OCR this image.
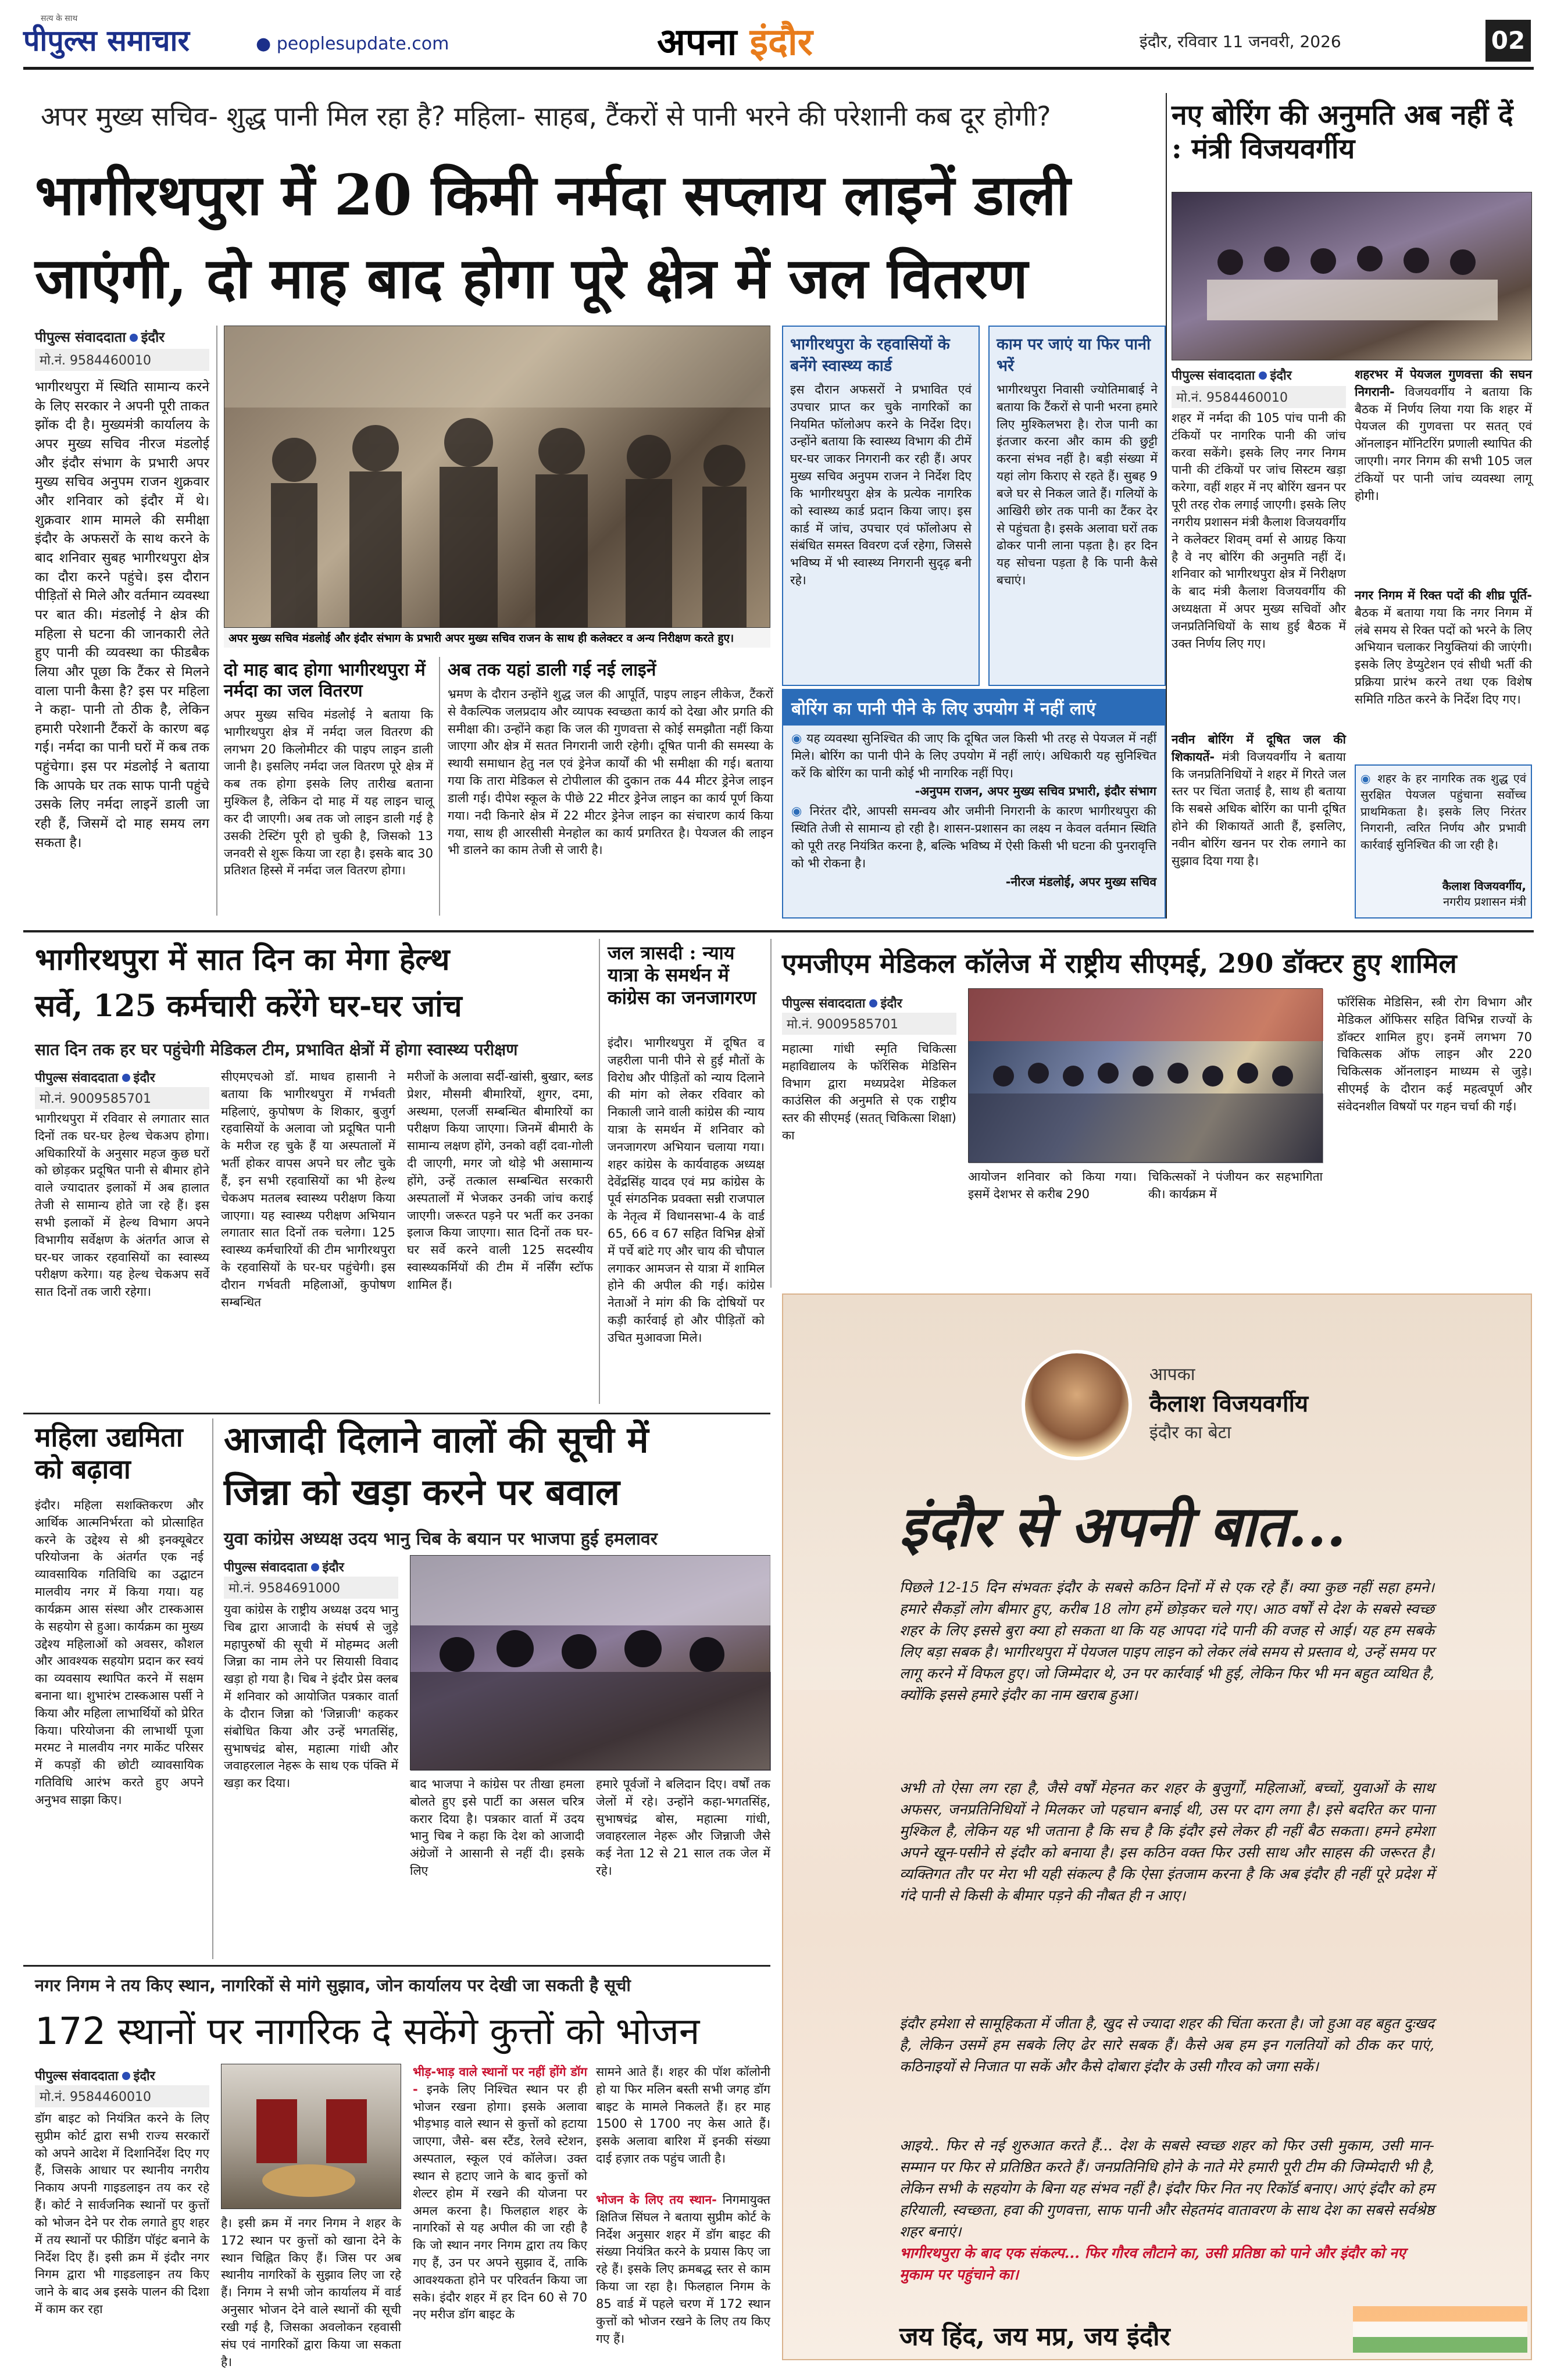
पीपुल्स समाचार
सत्य के साथ
● peoplesupdate.com	अपना इंदौर	इंदौर, रविवार 11 जनवरी, 2026	02
अपर मुख्य सचिव- शुद्ध पानी मिल रहा है? महिला- साहब, टैंकरों से पानी भरने की परेशानी कब दूर होगी?
भागीरथपुरा में 20 किमी नर्मदा सप्लाय लाइनें डाली
जाएंगी, दो माह बाद होगा पूरे क्षेत्र में जल वितरण
पीपुल्स संवाददाता इंदौर
मो.नं. 9584460010
भागीरथपुरा में स्थिति सामान्य करने के लिए सरकार ने अपनी पूरी ताकत झोंक दी है। मुख्यमंत्री कार्यालय के अपर मुख्य सचिव नीरज मंडलोई और इंदौर संभाग के प्रभारी अपर मुख्य सचिव अनुपम राजन शुक्रवार और शनिवार को इंदौर में थे। शुक्रवार शाम मामले की समीक्षा इंदौर के अफसरों के साथ करने के बाद शनिवार सुबह भागीरथपुरा क्षेत्र का दौरा करने पहुंचे। इस दौरान पीड़ितों से मिले और वर्तमान व्यवस्था पर बात की। मंडलोई ने क्षेत्र की महिला से घटना की जानकारी लेते हुए पानी की व्यवस्था का फीडबैक लिया और पूछा कि टैंकर से मिलने वाला पानी कैसा है? इस पर महिला ने कहा- पानी तो ठीक है, लेकिन हमारी परेशानी टैंकरों के कारण बढ़ गई। नर्मदा का पानी घरों में कब तक पहुंचेगा। इस पर मंडलोई ने बताया कि आपके घर तक साफ पानी पहुंचे उसके लिए नर्मदा लाइनें डाली जा रही हैं, जिसमें दो माह समय लग सकता है।
अपर मुख्य सचिव मंडलोई और इंदौर संभाग के प्रभारी अपर मुख्य सचिव राजन के साथ ही कलेक्टर व अन्य निरीक्षण करते हुए।
दो माह बाद होगा भागीरथपुरा में नर्मदा का जल वितरण
अपर मुख्य सचिव मंडलोई ने बताया कि भागीरथपुरा क्षेत्र में नर्मदा जल वितरण की लगभग 20 किलोमीटर की पाइप लाइन डाली जानी है। इसलिए नर्मदा जल वितरण पूरे क्षेत्र में कब तक होगा इसके लिए तारीख बताना मुश्किल है, लेकिन दो माह में यह लाइन चालू कर दी जाएगी। अब तक जो लाइन डाली गई है उसकी टेस्टिंग पूरी हो चुकी है, जिसको 13 जनवरी से शुरू किया जा रहा है। इसके बाद 30 प्रतिशत हिस्से में नर्मदा जल वितरण होगा।
अब तक यहां डाली गई नई लाइनें
भ्रमण के दौरान उन्होंने शुद्ध जल की आपूर्ति, पाइप लाइन लीकेज, टैंकरों से वैकल्पिक जलप्रदाय और व्यापक स्वच्छता कार्य को देखा और प्रगति की समीक्षा की। उन्होंने कहा कि जल की गुणवत्ता से कोई समझौता नहीं किया जाएगा और क्षेत्र में सतत निगरानी जारी रहेगी। दूषित पानी की समस्या के स्थायी समाधान हेतु नल एवं ड्रेनेज कार्यों की भी समीक्षा की गई। बताया गया कि तारा मेडिकल से टोपीलाल की दुकान तक 44 मीटर ड्रेनेज लाइन डाली गई। दीपेश स्कूल के पीछे 22 मीटर ड्रेनेज लाइन का कार्य पूर्ण किया गया। नदी किनारे क्षेत्र में 22 मीटर ड्रेनेज लाइन का संचारण कार्य किया गया, साथ ही आरसीसी मेनहोल का कार्य प्रगतिरत है। पेयजल की लाइन भी डालने का काम तेजी से जारी है।
भागीरथपुरा के रहवासियों के बनेंगे स्वास्थ्य कार्ड
इस दौरान अफसरों ने प्रभावित एवं उपचार प्राप्त कर चुके नागरिकों का नियमित फॉलोअप करने के निर्देश दिए। उन्होंने बताया कि स्वास्थ्य विभाग की टीमें घर-घर जाकर निगरानी कर रही हैं। अपर मुख्य सचिव अनुपम राजन ने निर्देश दिए कि भागीरथपुरा क्षेत्र के प्रत्येक नागरिक को स्वास्थ्य कार्ड प्रदान किया जाए। इस कार्ड में जांच, उपचार एवं फॉलोअप से संबंधित समस्त विवरण दर्ज रहेगा, जिससे भविष्य में भी स्वास्थ्य निगरानी सुदृढ़ बनी रहे।
काम पर जाएं या फिर पानी भरें
भागीरथपुरा निवासी ज्योतिमाबाई ने बताया कि टैंकरों से पानी भरना हमारे लिए मुश्किलभरा है। रोज पानी का इंतजार करना और काम की छुट्टी करना संभव नहीं है। बड़ी संख्या में यहां लोग किराए से रहते हैं। सुबह 9 बजे घर से निकल जाते हैं। गलियों के आखिरी छोर तक पानी का टैंकर देर से पहुंचता है। इसके अलावा घरों तक ढोकर पानी लाना पड़ता है। हर दिन यह सोचना पड़ता है कि पानी कैसे बचाएं।
बोरिंग का पानी पीने के लिए उपयोग में नहीं लाएं
◉ यह व्यवस्था सुनिश्चित की जाए कि दूषित जल किसी भी तरह से पेयजल में नहीं मिले। बोरिंग का पानी पीने के लिए उपयोग में नहीं लाएं। अधिकारी यह सुनिश्चित करें कि बोरिंग का पानी कोई भी नागरिक नहीं पिए।
-अनुपम राजन, अपर मुख्य सचिव प्रभारी, इंदौर संभाग
◉ निरंतर दौरे, आपसी समन्वय और जमीनी निगरानी के कारण भागीरथपुरा की स्थिति तेजी से सामान्य हो रही है। शासन-प्रशासन का लक्ष्य न केवल वर्तमान स्थिति को पूरी तरह नियंत्रित करना है, बल्कि भविष्य में ऐसी किसी भी घटना की पुनरावृत्ति को भी रोकना है।
-नीरज मंडलोई, अपर मुख्य सचिव
नए बोरिंग की अनुमति अब नहीं दें : मंत्री विजयवर्गीय
पीपुल्स संवाददाता इंदौर
मो.नं. 9584460010
शहर में नर्मदा की 105 पांच पानी की टंकियों पर नागरिक पानी की जांच करवा सकेंगे। इसके लिए नगर निगम पानी की टंकियों पर जांच सिस्टम खड़ा करेगा, वहीं शहर में नए बोरिंग खनन पर पूरी तरह रोक लगाई जाएगी। इसके लिए नगरीय प्रशासन मंत्री कैलाश विजयवर्गीय ने कलेक्टर शिवम् वर्मा से आग्रह किया है वे नए बोरिंग की अनुमति नहीं दें। शनिवार को भागीरथपुरा क्षेत्र में निरीक्षण के बाद मंत्री कैलाश विजयवर्गीय की अध्यक्षता में अपर मुख्य सचिवों और जनप्रतिनिधियों के साथ हुई बैठक में उक्त निर्णय लिए गए।
नवीन बोरिंग में दूषित जल की शिकायतें- मंत्री विजयवर्गीय ने बताया कि जनप्रतिनिधियों ने शहर में गिरते जल स्तर पर चिंता जताई है, साथ ही बताया कि सबसे अधिक बोरिंग का पानी दूषित होने की शिकायतें आती हैं, इसलिए, नवीन बोरिंग खनन पर रोक लगाने का सुझाव दिया गया है।
शहरभर में पेयजल गुणवत्ता की सघन निगरानी- विजयवर्गीय ने बताया कि बैठक में निर्णय लिया गया कि शहर में पेयजल की गुणवत्ता पर सतत् एवं ऑनलाइन मॉनिटरिंग प्रणाली स्थापित की जाएगी। नगर निगम की सभी 105 जल टंकियों पर पानी जांच व्यवस्था लागू होगी।
नगर निगम में रिक्त पदों की शीघ्र पूर्ति- बैठक में बताया गया कि नगर निगम में लंबे समय से रिक्त पदों को भरने के लिए अभियान चलाकर नियुक्तियां की जाएंगी। इसके लिए डेप्युटेशन एवं सीधी भर्ती की प्रक्रिया प्रारंभ करने तथा एक विशेष समिति गठित करने के निर्देश दिए गए।
◉ शहर के हर नागरिक तक शुद्ध एवं सुरक्षित पेयजल पहुंचाना सर्वोच्च प्राथमिकता है। इसके लिए निरंतर निगरानी, त्वरित निर्णय और प्रभावी कार्रवाई सुनिश्चित की जा रही है।
कैलाश विजयवर्गीय,
नगरीय प्रशासन मंत्री
भागीरथपुरा में सात दिन का मेगा हेल्थ
सर्वे, 125 कर्मचारी करेंगे घर-घर जांच
सात दिन तक हर घर पहुंचेगी मेडिकल टीम, प्रभावित क्षेत्रों में होगा स्वास्थ्य परीक्षण
पीपुल्स संवाददाता इंदौर
मो.नं. 9009585701
भागीरथपुरा में रविवार से लगातार सात दिनों तक घर-घर हेल्थ चेकअप होगा। अधिकारियों के अनुसार महज कुछ घरों को छोड़कर प्रदूषित पानी से बीमार होने वाले ज्यादातर इलाकों में अब हालात तेजी से सामान्य होते जा रहे हैं। इस सभी इलाकों में हेल्थ विभाग अपने विभागीय सर्वेक्षण के अंतर्गत आज से घर-घर जाकर रहवासियों का स्वास्थ्य परीक्षण करेगा। यह हेल्थ चेकअप सर्वे सात दिनों तक जारी रहेगा।
सीएमएचओ डॉ. माधव हासानी ने बताया कि भागीरथपुरा में गर्भवती महिलाएं, कुपोषण के शिकार, बुजुर्ग रहवासियों के अलावा जो प्रदूषित पानी के मरीज रह चुके हैं या अस्पतालों में भर्ती होकर वापस अपने घर लौट चुके हैं, इन सभी रहवासियों का भी हेल्थ चेकअप मतलब स्वास्थ्य परीक्षण किया जाएगा। यह स्वास्थ्य परीक्षण अभियान लगातार सात दिनों तक चलेगा। 125 स्वास्थ्य कर्मचारियों की टीम भागीरथपुरा के रहवासियों के घर-घर पहुंचेगी। इस दौरान गर्भवती महिलाओं, कुपोषण सम्बन्धित
मरीजों के अलावा सर्दी-खांसी, बुखार, ब्लड प्रेशर, मौसमी बीमारियों, शुगर, दमा, अस्थमा, एलर्जी सम्बन्धित बीमारियों का परीक्षण किया जाएगा। जिनमें बीमारी के सामान्य लक्षण होंगे, उनको वहीं दवा-गोली दी जाएगी, मगर जो थोड़े भी असामान्य होंगे, उन्हें तत्काल सम्बन्धित सरकारी अस्पतालों में भेजकर उनकी जांच कराई जाएगी। जरूरत पड़ने पर भर्ती कर उनका इलाज किया जाएगा। सात दिनों तक घर-घर सर्वे करने वाली 125 सदस्यीय स्वास्थ्यकर्मियों की टीम में नर्सिंग स्टॉफ शामिल हैं।
जल त्रासदी : न्याय यात्रा के समर्थन में कांग्रेस का जनजागरण
इंदौर। भागीरथपुरा में दूषित व जहरीला पानी पीने से हुई मौतों के विरोध और पीड़ितों को न्याय दिलाने की मांग को लेकर रविवार को निकाली जाने वाली कांग्रेस की न्याय यात्रा के समर्थन में शनिवार को जनजागरण अभियान चलाया गया। शहर कांग्रेस के कार्यवाहक अध्यक्ष देवेंद्रसिंह यादव एवं मप्र कांग्रेस के पूर्व संगठनिक प्रवक्ता सन्नी राजपाल के नेतृत्व में विधानसभा-4 के वार्ड 65, 66 व 67 सहित विभिन्न क्षेत्रों में पर्चे बांटे गए और चाय की चौपाल लगाकर आमजन से यात्रा में शामिल होने की अपील की गई। कांग्रेस नेताओं ने मांग की कि दोषियों पर कड़ी कार्रवाई हो और पीड़ितों को उचित मुआवजा मिले।
एमजीएम मेडिकल कॉलेज में राष्ट्रीय सीएमई, 290 डॉक्टर हुए शामिल
पीपुल्स संवाददाता इंदौर
मो.नं. 9009585701
महात्मा गांधी स्मृति चिकित्सा महाविद्यालय के फॉरेंसिक मेडिसिन विभाग द्वारा मध्यप्रदेश मेडिकल काउंसिल की अनुमति से एक राष्ट्रीय स्तर की सीएमई (सतत् चिकित्सा शिक्षा) का
आयोजन शनिवार को किया गया। इसमें देशभर से करीब 290
चिकित्सकों ने पंजीयन कर सहभागिता की। कार्यक्रम में
फॉरेंसिक मेडिसिन, स्त्री रोग विभाग और मेडिकल ऑफिसर सहित विभिन्न राज्यों के डॉक्टर शामिल हुए। इनमें लगभग 70 चिकित्सक ऑफ लाइन और 220 चिकित्सक ऑनलाइन माध्यम से जुड़े। सीएमई के दौरान कई महत्वपूर्ण और संवेदनशील विषयों पर गहन चर्चा की गई।
आपका
कैलाश विजयवर्गीय
इंदौर का बेटा
इंदौर से अपनी बात...
पिछले 12-15 दिन संभवतः इंदौर के सबसे कठिन दिनों में से एक रहे हैं। क्या कुछ नहीं सहा हमने। हमारे सैकड़ों लोग बीमार हुए, करीब 18 लोग हमें छोड़कर चले गए। आठ वर्षों से देश के सबसे स्वच्छ शहर के लिए इससे बुरा क्या हो सकता था कि यह आपदा गंदे पानी की वजह से आई। यह हम सबके लिए बड़ा सबक है। भागीरथपुरा में पेयजल पाइप लाइन को लेकर लंबे समय से प्रस्ताव थे, उन्हें समय पर लागू करने में विफल हुए। जो जिम्मेदार थे, उन पर कार्रवाई भी हुई, लेकिन फिर भी मन बहुत व्यथित है, क्योंकि इससे हमारे इंदौर का नाम खराब हुआ।
अभी तो ऐसा लग रहा है, जैसे वर्षों मेहनत कर शहर के बुजुर्गों, महिलाओं, बच्चों, युवाओं के साथ अफसर, जनप्रतिनिधियों ने मिलकर जो पहचान बनाई थी, उस पर दाग लगा है। इसे बदरित कर पाना मुश्किल है, लेकिन यह भी जताना है कि सच है कि इंदौर इसे लेकर ही नहीं बैठ सकता। हमने हमेशा अपने खून-पसीने से इंदौर को बनाया है। इस कठिन वक्त फिर उसी साथ और साहस की जरूरत है। व्यक्तिगत तौर पर मेरा भी यही संकल्प है कि ऐसा इंतजाम करना है कि अब इंदौर ही नहीं पूरे प्रदेश में गंदे पानी से किसी के बीमार पड़ने की नौबत ही न आए।
इंदौर हमेशा से सामूहिकता में जीता है, खुद से ज्यादा शहर की चिंता करता है। जो हुआ वह बहुत दुःखद है, लेकिन उसमें हम सबके लिए ढेर सारे सबक हैं। कैसे अब हम इन गलतियों को ठीक कर पाएं, कठिनाइयों से निजात पा सकें और कैसे दोबारा इंदौर के उसी गौरव को जगा सकें।
आइये.. फिर से नई शुरुआत करते हैं... देश के सबसे स्वच्छ शहर को फिर उसी मुकाम, उसी मान-सम्मान पर फिर से प्रतिष्ठित करते हैं। जनप्रतिनिधि होने के नाते मेरे हमारी पूरी टीम की जिम्मेदारी भी है, लेकिन सभी के सहयोग के बिना यह संभव नहीं है। इंदौर फिर नित नए रिकॉर्ड बनाए। आएं इंदौर को हम हरियाली, स्वच्छता, हवा की गुणवत्ता, साफ पानी और सेहतमंद वातावरण के साथ देश का सबसे सर्वश्रेष्ठ शहर बनाएं।
भागीरथपुरा के बाद एक संकल्प... फिर गौरव लौटाने का, उसी प्रतिष्ठा को पाने और इंदौर को नए मुकाम पर पहुंचाने का।
जय हिंद, जय मप्र, जय इंदौर
महिला उद्यमिता को बढ़ावा
इंदौर। महिला सशक्तिकरण और आर्थिक आत्मनिर्भरता को प्रोत्साहित करने के उद्देश्य से श्री इनक्यूबेटर परियोजना के अंतर्गत एक नई व्यावसायिक गतिविधि का उद्घाटन मालवीय नगर में किया गया। यह कार्यक्रम आस संस्था और टास्कआस के सहयोग से हुआ। कार्यक्रम का मुख्य उद्देश्य महिलाओं को अवसर, कौशल और आवश्यक सहयोग प्रदान कर स्वयं का व्यवसाय स्थापित करने में सक्षम बनाना था। शुभारंभ टास्कआस पर्सी ने किया और महिला लाभार्थियों को प्रेरित किया। परियोजना की लाभार्थी पूजा मरमट ने मालवीय नगर मार्केट परिसर में कपड़ों की छोटी व्यावसायिक गतिविधि आरंभ करते हुए अपने अनुभव साझा किए।
आजादी दिलाने वालों की सूची में
जिन्ना को खड़ा करने पर बवाल
युवा कांग्रेस अध्यक्ष उदय भानु चिब के बयान पर भाजपा हुई हमलावर
पीपुल्स संवाददाता इंदौर
मो.नं. 9584691000
युवा कांग्रेस के राष्ट्रीय अध्यक्ष उदय भानु चिब द्वारा आजादी के संघर्ष से जुड़े महापुरुषों की सूची में मोहम्मद अली जिन्ना का नाम लेने पर सियासी विवाद खड़ा हो गया है। चिब ने इंदौर प्रेस क्लब में शनिवार को आयोजित पत्रकार वार्ता के दौरान जिन्ना को 'जिन्नाजी' कहकर संबोधित किया और उन्हें भगतसिंह, सुभाषचंद्र बोस, महात्मा गांधी और जवाहरलाल नेहरू के साथ एक पंक्ति में खड़ा कर दिया।	बाद भाजपा ने कांग्रेस पर तीखा हमला बोलते हुए इसे पार्टी का असल चरित्र करार दिया है। पत्रकार वार्ता में उदय भानु चिब ने कहा कि देश को आजादी अंग्रेजों ने आसानी से नहीं दी। इसके लिए
हमारे पूर्वजों ने बलिदान दिए। वर्षों तक जेलों में रहे। उन्होंने कहा-भगतसिंह, सुभाषचंद्र बोस, महात्मा गांधी, जवाहरलाल नेहरू और जिन्नाजी जैसे कई नेता 12 से 21 साल तक जेल में रहे।
नगर निगम ने तय किए स्थान, नागरिकों से मांगे सुझाव, जोन कार्यालय पर देखी जा सकती है सूची
172 स्थानों पर नागरिक दे सकेंगे कुत्तों को भोजन
पीपुल्स संवाददाता इंदौर
मो.नं. 9584460010
डॉग बाइट को नियंत्रित करने के लिए सुप्रीम कोर्ट द्वारा सभी राज्य सरकारों को अपने आदेश में दिशानिर्देश दिए गए हैं, जिसके आधार पर स्थानीय नगरीय निकाय अपनी गाइडलाइन तय कर रहे हैं। कोर्ट ने सार्वजनिक स्थानों पर कुत्तों को भोजन देने पर रोक लगाते हुए शहर में तय स्थानों पर फीडिंग पॉइंट बनाने के निर्देश दिए हैं। इसी क्रम में इंदौर नगर निगम द्वारा भी गाइडलाइन तय किए जाने के बाद अब इसके पालन की दिशा में काम कर रहा
है। इसी क्रम में नगर निगम ने शहर के 172 स्थान पर कुत्तों को खाना देने के स्थान चिह्नित किए हैं। जिस पर अब स्थानीय नागरिकों के सुझाव लिए जा रहे हैं। निगम ने सभी जोन कार्यालय में वार्ड अनुसार भोजन देने वाले स्थानों की सूची रखी गई है, जिसका अवलोकन रहवासी संघ एवं नागरिकों द्वारा किया जा सकता है।
भीड़-भाड़ वाले स्थानों पर नहीं होंगे डॉग - इनके लिए निश्चित स्थान पर ही भोजन रखना होगा। इसके अलावा भीड़भाड़ वाले स्थान से कुत्तों को हटाया जाएगा, जैसे- बस स्टैंड, रेलवे स्टेशन, अस्पताल, स्कूल एवं कॉलेज। उक्त स्थान से हटाए जाने के बाद कुत्तों को शेल्टर होम में रखने की योजना पर अमल करना है। फिलहाल शहर के नागरिकों से यह अपील की जा रही है कि जो स्थान नगर निगम द्वारा तय किए गए हैं, उन पर अपने सुझाव दें, ताकि आवश्यकता होने पर परिवर्तन किया जा सके। इंदौर शहर में हर दिन 60 से 70 नए मरीज डॉग बाइट के
सामने आते हैं। शहर की पॉश कॉलोनी हो या फिर मलिन बस्ती सभी जगह डॉग बाइट के मामले निकलते हैं। हर माह 1500 से 1700 नए केस आते हैं। इसके अलावा बारिश में इनकी संख्या दाई हज़ार तक पहुंच जाती है।
भोजन के लिए तय स्थान- निगमायुक्त क्षितिज सिंघल ने बताया सुप्रीम कोर्ट के निर्देश अनुसार शहर में डॉग बाइट की संख्या नियंत्रित करने के प्रयास किए जा रहे हैं। इसके लिए क्रमबद्ध स्तर से काम किया जा रहा है। फिलहाल निगम के 85 वार्ड में पहले चरण में 172 स्थान कुत्तों को भोजन रखने के लिए तय किए गए हैं।
